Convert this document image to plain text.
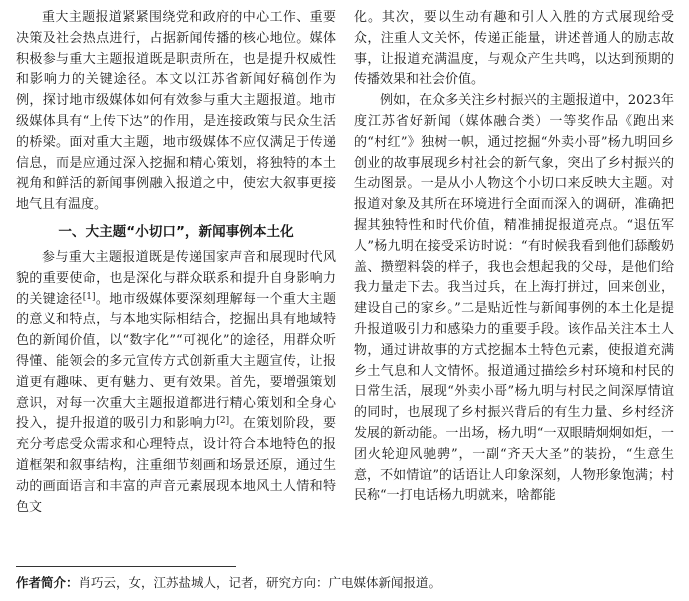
重大主题报道紧紧围绕党和政府的中心工作、重要决策及社会热点进行，占据新闻传播的核心地位。媒体积极参与重大主题报道既是职责所在，也是提升权威性和影响力的关键途径。本文以江苏省新闻好稿创作为例，探讨地市级媒体如何有效参与重大主题报道。地市级媒体具有“上传下达”的作用，是连接政策与民众生活的桥梁。面对重大主题，地市级媒体不应仅满足于传递信息，而是应通过深入挖掘和精心策划，将独特的本土视角和鲜活的新闻事例融入报道之中，使宏大叙事更接地气且有温度。

一、大主题“小切口”，新闻事例本土化

参与重大主题报道既是传递国家声音和展现时代风貌的重要使命，也是深化与群众联系和提升自身影响力的关键途径[1]。地市级媒体要深刻理解每一个重大主题的意义和特点，与本地实际相结合，挖掘出具有地域特色的新闻价值，以“数字化”“可视化”的途径，用群众听得懂、能领会的多元宣传方式创新重大主题宣传，让报道更有趣味、更有魅力、更有效果。首先，要增强策划意识，对每一次重大主题报道都进行精心策划和全身心投入，提升报道的吸引力和影响力[2]。在策划阶段，要充分考虑受众需求和心理特点，设计符合本地特色的报道框架和叙事结构，注重细节刻画和场景还原，通过生动的画面语言和丰富的声音元素展现本地风土人情和特色文

化。其次，要以生动有趣和引人入胜的方式展现给受众，注重人文关怀，传递正能量，讲述普通人的励志故事，让报道充满温度，与观众产生共鸣，以达到预期的传播效果和社会价值。

例如，在众多关注乡村振兴的主题报道中，2023年度江苏省好新闻（媒体融合类）一等奖作品《跑出来的“村红”》独树一帜，通过挖掘“外卖小哥”杨九明回乡创业的故事展现乡村社会的新气象，突出了乡村振兴的生动图景。一是从小人物这个小切口来反映大主题。对报道对象及其所在环境进行全面而深入的调研，准确把握其独特性和时代价值，精准捕捉报道亮点。“退伍军人”杨九明在接受采访时说：“有时候我看到他们舔酸奶盖、攒塑料袋的样子，我也会想起我的父母，是他们给我力量走下去。我当过兵，在上海打拼过，回来创业，建设自己的家乡。”二是贴近性与新闻事例的本土化是提升报道吸引力和感染力的重要手段。该作品关注本土人物，通过讲故事的方式挖掘本土特色元素，使报道充满乡土气息和人文情怀。报道通过描绘乡村环境和村民的日常生活，展现“外卖小哥”杨九明与村民之间深厚情谊的同时，也展现了乡村振兴背后的有生力量、乡村经济发展的新动能。一出场，杨九明“一双眼睛炯炯如炬，一团火轮迎风驰骋”，一副“齐天大圣”的装扮，“生意生意，不如情谊”的话语让人印象深刻，人物形象饱满；村民称“一打电话杨九明就来，啥都能

作者简介：肖巧云，女，江苏盐城人，记者，研究方向：广电媒体新闻报道。
